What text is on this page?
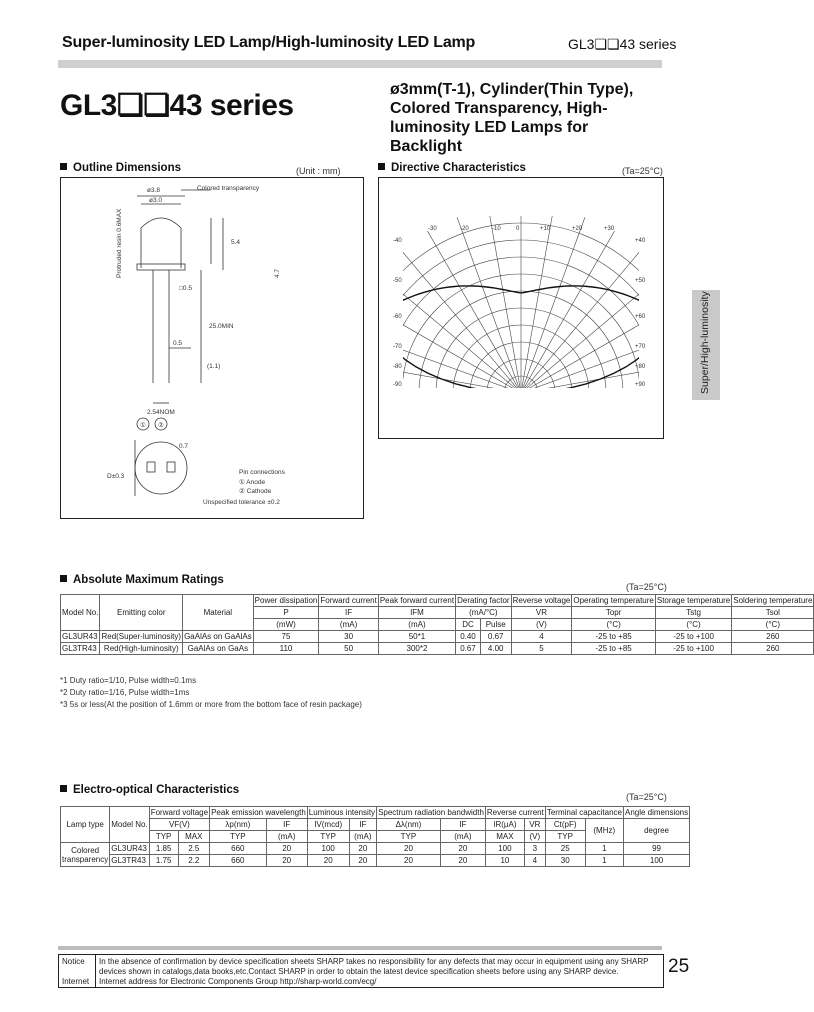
Super-luminosity LED Lamp/High-luminosity LED Lamp	GL3❏❏43 series
GL3❏❏43 series	ø3mm(T-1), Cylinder(Thin Type),
Colored Transparency, High-
luminosity LED Lamps for Backlight
Super/High-luminosity
Outline Dimensions	(Unit : mm)
ø3.8
ø3.0
Colored transparency
4.7
5.4
0.5
25.0MIN
(1.1)
2.54NOM
0.7
D±0.3
① ②
Pin connections
① Anode
② Cathode
Unspecified tolerance ±0.2
Protruded resin 0.6MAX
□0.5
Directive Characteristics	(Ta=25°C)
-30	-20	-10	0	+10	+20	+30
-40
-50
-60
-70
-80
-90
+40
+50
+60
+70
+80
+90
Absolute Maximum Ratings
(Ta=25°C)
Model No.	Emitting color	Material	Power dissipation	Forward current	Peak forward current	Derating factor		Reverse voltage	Operating temperature	Storage temperature	Soldering temperature
			P	IF	IFM	(mA/°C)		VR	Topr	Tstg	Tsol
			(mW)	(mA)	(mA)	DC	Pulse	(V)	(°C)	(°C)	(°C)
GL3UR43	Red(Super-luminosity)	GaAlAs on GaAlAs	75	30	50*1	0.40	0.67	4	-25 to +85	-25 to +100	260
GL3TR43	Red(High-luminosity)	GaAlAs on GaAs	110	50	300*2	0.67	4.00	5	-25 to +85	-25 to +100	260
*1 Duty ratio=1/10, Pulse width=0.1ms
*2 Duty ratio=1/16, Pulse width=1ms
*3 5s or less(At the position of 1.6mm or more from the bottom face of resin package)
Electro-optical Characteristics
(Ta=25°C)
Lamp type	Model No.	Forward voltage		Peak emission wavelength		Luminous intensity		Spectrum radiation bandwidth		Reverse current		Terminal capacitance		Angle dimensions
		VF(V)		λp(nm)	IF	IV(mcd)	IF	Δλ(nm)	IF	IR(μA)	VR	Ct(pF)	(MHz)	degree
		TYP	MAX	TYP	(mA)	TYP	(mA)	TYP	(mA)	MAX	(V)	TYP		

Colored
transparency	GL3UR43	1.85	2.5	660	20	100	20	20	20	100	3	25	1	99
	GL3TR43	1.75	2.2	660	20	20	20	20	20	10	4	30	1	100
Notice In the absence of confirmation by device specification sheets SHARP takes no responsibility for any defects that may occur in equipment using any SHARP devices shown in catalogs,data books,etc.Contact SHARP in order to obtain the latest device specification sheets before using any SHARP device.
Internet Internet address for Electronic Components Group http://sharp-world.com/ecg/
25
